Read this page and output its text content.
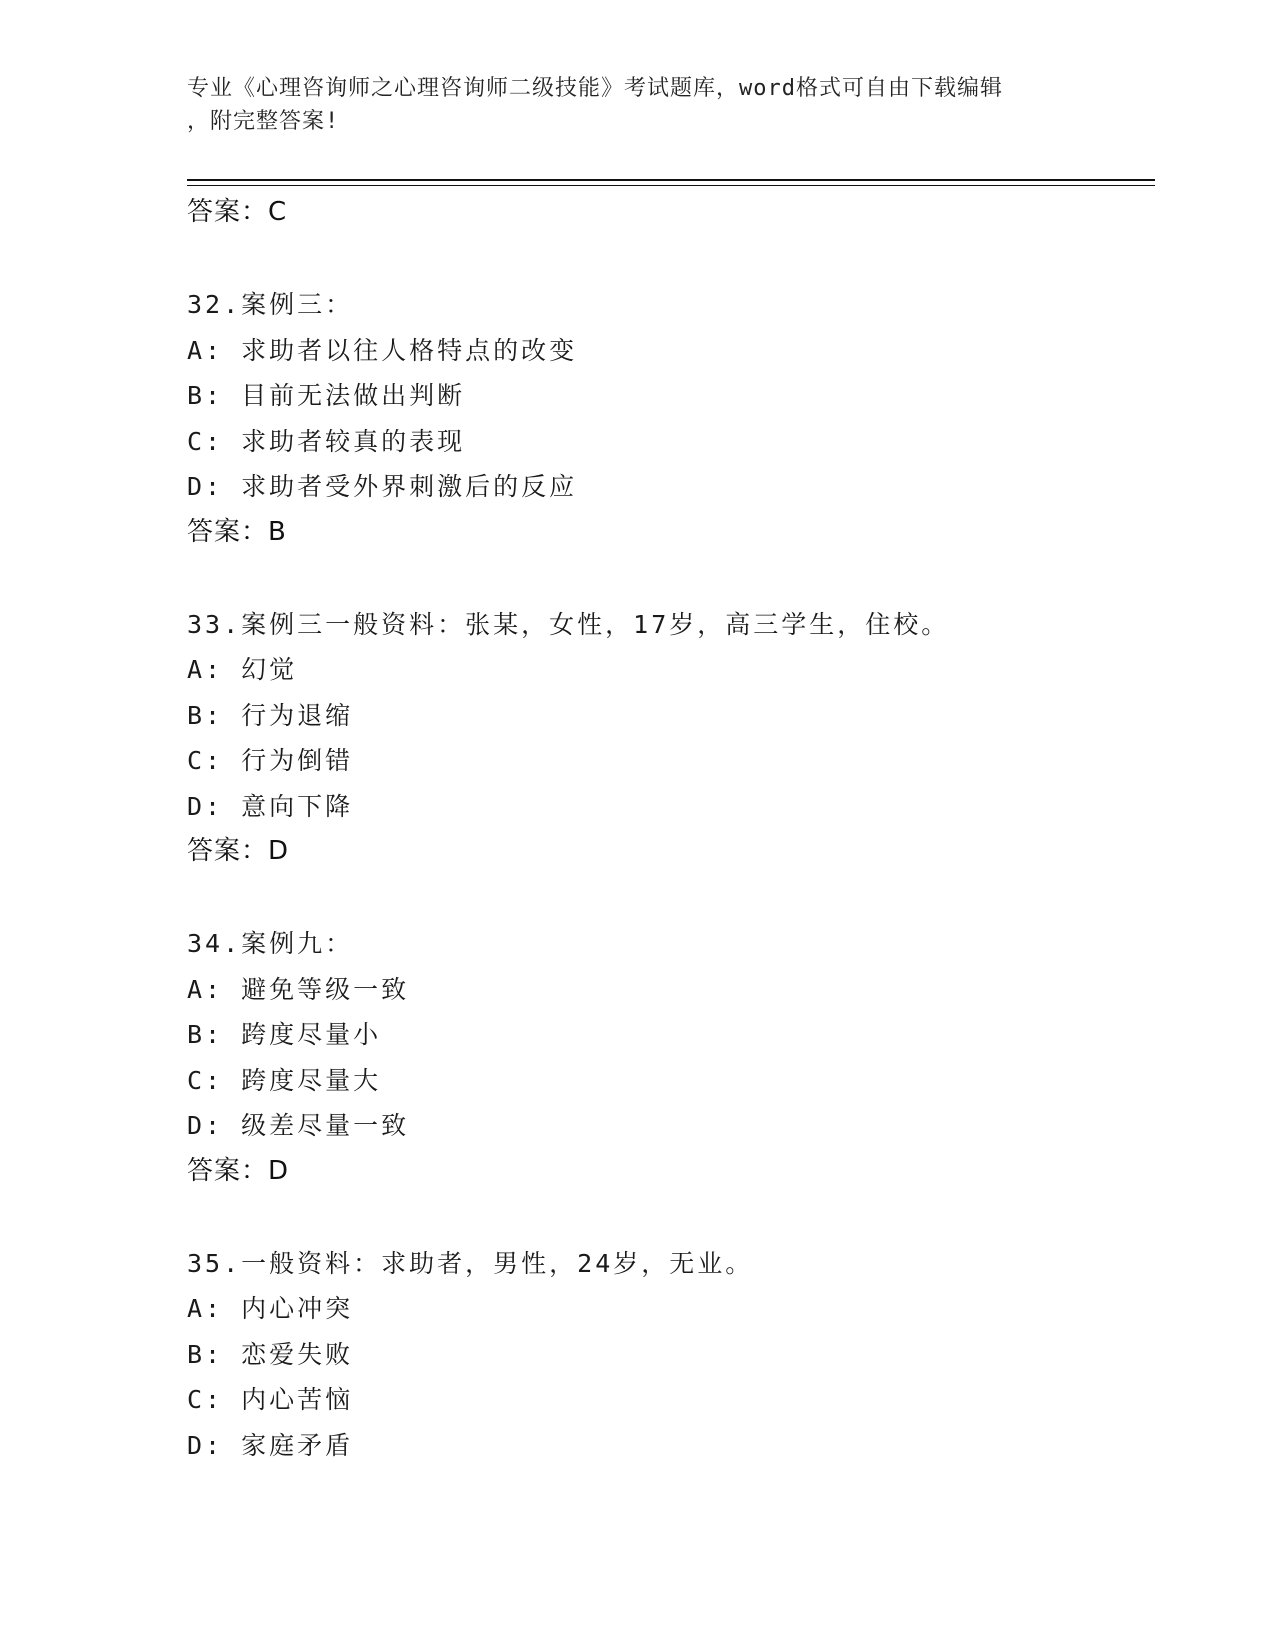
专业《心理咨询师之心理咨询师二级技能》考试题库，word格式可自由下载编辑
，附完整答案!
答案：C
32.案例三：
A: 求助者以往人格特点的改变
B: 目前无法做出判断
C: 求助者较真的表现
D: 求助者受外界刺激后的反应
答案：B
33.案例三一般资料：张某，女性，17岁，高三学生，住校。
A: 幻觉
B: 行为退缩
C: 行为倒错
D: 意向下降
答案：D
34.案例九：
A: 避免等级一致
B: 跨度尽量小
C: 跨度尽量大
D: 级差尽量一致
答案：D
35.一般资料：求助者，男性，24岁，无业。
A: 内心冲突
B: 恋爱失败
C: 内心苦恼
D: 家庭矛盾
